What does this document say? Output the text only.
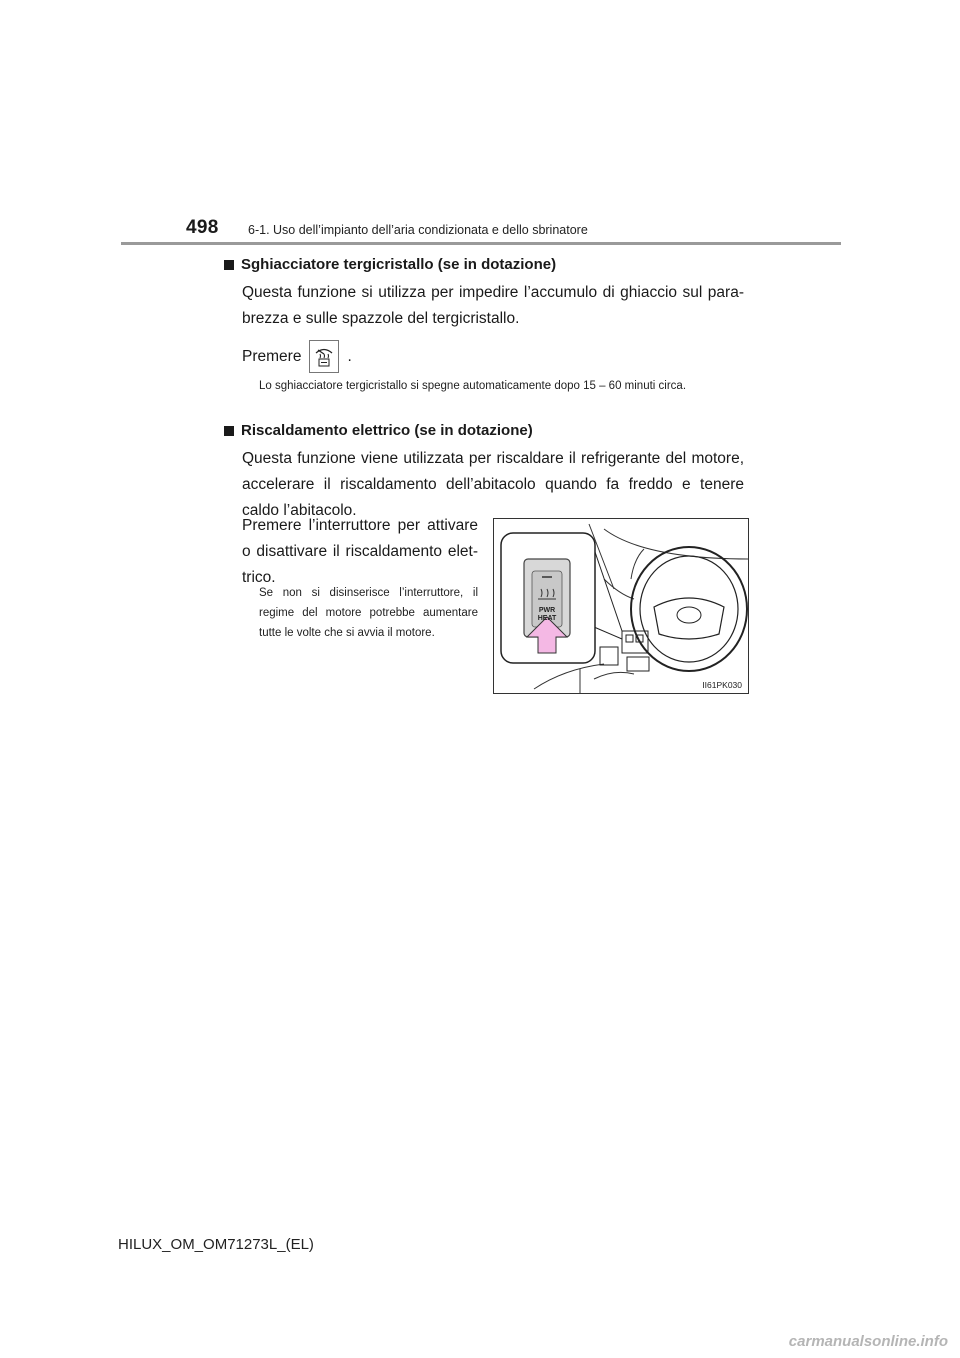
498 6-1. Uso dell’impianto dell’aria condizionata e dello sbrinatore
Sghiacciatore tergicristallo (se in dotazione)
Questa funzione si utilizza per impedire l’accumulo di ghiaccio sul para-brezza e sulle spazzole del tergicristallo.
Premere	.
Lo sghiacciatore tergicristallo si spegne automaticamente dopo 15 – 60 minuti circa.
Riscaldamento elettrico (se in dotazione)
Questa funzione viene utilizzata per riscaldare il refrigerante del motore, accelerare il riscaldamento dell’abitacolo quando fa freddo e tenere caldo l’abitacolo.
Premere l’interruttore per attivare o disattivare il riscaldamento elet-trico.
Se non si disinserisce l’interruttore, il regime del motore potrebbe aumentare tutte le volte che si avvia il motore.
PWR
HEAT
II61PK030
HILUX_OM_OM71273L_(EL)
carmanualsonline.info
